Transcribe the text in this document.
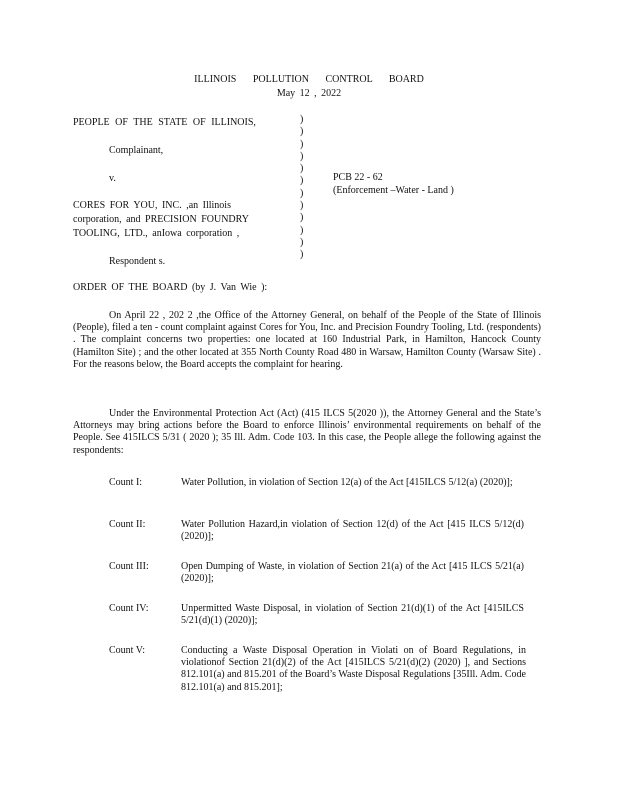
ILLINOIS POLLUTION CONTROL BOARD
May 12 , 2022
PEOPLE OF THE STATE OF ILLINOIS,
Complainant,
v.
CORES FOR YOU, INC. ,an Illinois
corporation, and PRECISION FOUNDRY
TOOLING, LTD., anIowa corporation ,
Respondent s.
)
)
)
)
)
)
)
)
)
)
)
)
PCB 22 - 62
(Enforcement –Water - Land )
ORDER OF THE BOARD (by J. Van Wie ):
On April 22 , 202 2 ,the Office of the Attorney General, on behalf of the People of the State of Illinois (People), filed a ten - count complaint against Cores for You, Inc. and Precision Foundry Tooling, Ltd. (respondents) . The complaint concerns two properties: one located at 160 Industrial Park, in Hamilton, Hancock County (Hamilton Site) ; and the other located at 355 North County Road 480 in Warsaw, Hamilton County (Warsaw Site) . For the reasons below, the Board accepts the complaint for hearing.
Under the Environmental Protection Act (Act) (415 ILCS 5(2020 )), the Attorney General and the State’s Attorneys may bring actions before the Board to enforce Illinois’ environmental requirements on behalf of the People. See 415ILCS 5/31 ( 2020 ); 35 Ill. Adm. Code 103. In this case, the People allege the following against the respondents:
Count I:	Water Pollution, in violation of Section 12(a) of the Act [415ILCS 5/12(a) (2020)];
Count II:	Water Pollution Hazard,in violation of Section 12(d) of the Act [415 ILCS 5/12(d) (2020)];
Count III:	Open Dumping of Waste, in violation of Section 21(a) of the Act [415 ILCS 5/21(a) (2020)];
Count IV:	Unpermitted Waste Disposal, in violation of Section 21(d)(1) of the Act [415ILCS 5/21(d)(1) (2020)];
Count V:	Conducting a Waste Disposal Operation in Violati on of Board Regulations, in violationof Section 21(d)(2) of the Act [415ILCS 5/21(d)(2) (2020) ], and Sections 812.101(a) and 815.201 of the Board’s Waste Disposal Regulations [35Ill. Adm. Code 812.101(a) and 815.201];
